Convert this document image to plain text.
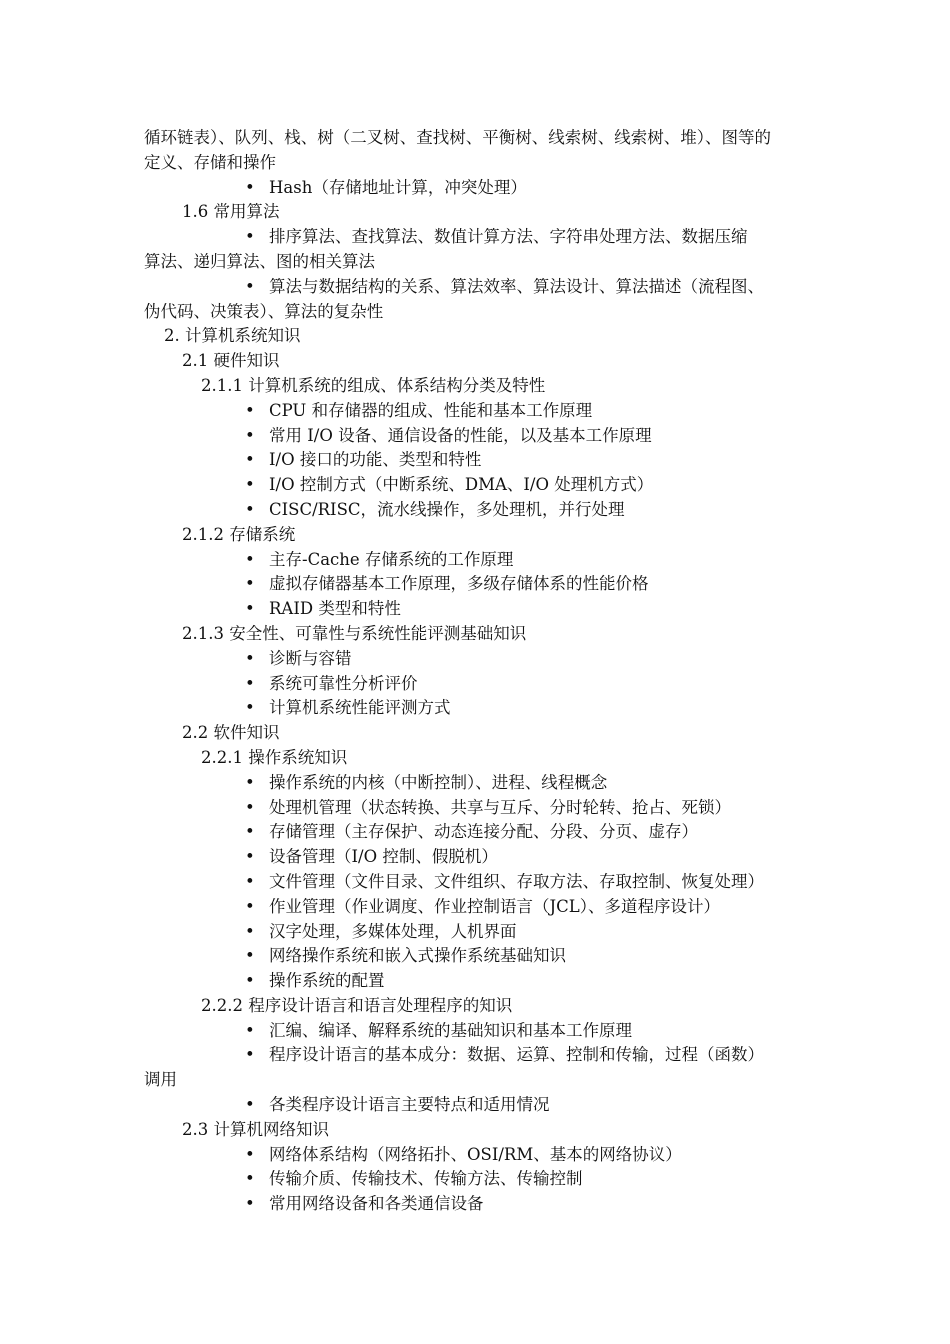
循环链表）、队列、栈、树（二叉树、查找树、平衡树、线索树、线索树、堆）、图等的
定义、存储和操作
• Hash（存储地址计算，冲突处理）
1.6 常用算法
• 排序算法、查找算法、数值计算方法、字符串处理方法、数据压缩
算法、递归算法、图的相关算法
• 算法与数据结构的关系、算法效率、算法设计、算法描述（流程图、
伪代码、决策表）、算法的复杂性
2. 计算机系统知识
2.1 硬件知识
2.1.1 计算机系统的组成、体系结构分类及特性
• CPU 和存储器的组成、性能和基本工作原理
• 常用 I/O 设备、通信设备的性能，以及基本工作原理
• I/O 接口的功能、类型和特性
• I/O 控制方式（中断系统、DMA、I/O 处理机方式）
• CISC/RISC，流水线操作，多处理机，并行处理
2.1.2 存储系统
• 主存-Cache 存储系统的工作原理
• 虚拟存储器基本工作原理，多级存储体系的性能价格
• RAID 类型和特性
2.1.3 安全性、可靠性与系统性能评测基础知识
• 诊断与容错
• 系统可靠性分析评价
• 计算机系统性能评测方式
2.2 软件知识
2.2.1 操作系统知识
• 操作系统的内核（中断控制）、进程、线程概念
• 处理机管理（状态转换、共享与互斥、分时轮转、抢占、死锁）
• 存储管理（主存保护、动态连接分配、分段、分页、虚存）
• 设备管理（I/O 控制、假脱机）
• 文件管理（文件目录、文件组织、存取方法、存取控制、恢复处理）
• 作业管理（作业调度、作业控制语言（JCL）、多道程序设计）
• 汉字处理，多媒体处理，人机界面
• 网络操作系统和嵌入式操作系统基础知识
• 操作系统的配置
2.2.2 程序设计语言和语言处理程序的知识
• 汇编、编译、解释系统的基础知识和基本工作原理
• 程序设计语言的基本成分：数据、运算、控制和传输，过程（函数）
调用
• 各类程序设计语言主要特点和适用情况
2.3 计算机网络知识
• 网络体系结构（网络拓扑、OSI/RM、基本的网络协议）
• 传输介质、传输技术、传输方法、传输控制
• 常用网络设备和各类通信设备
